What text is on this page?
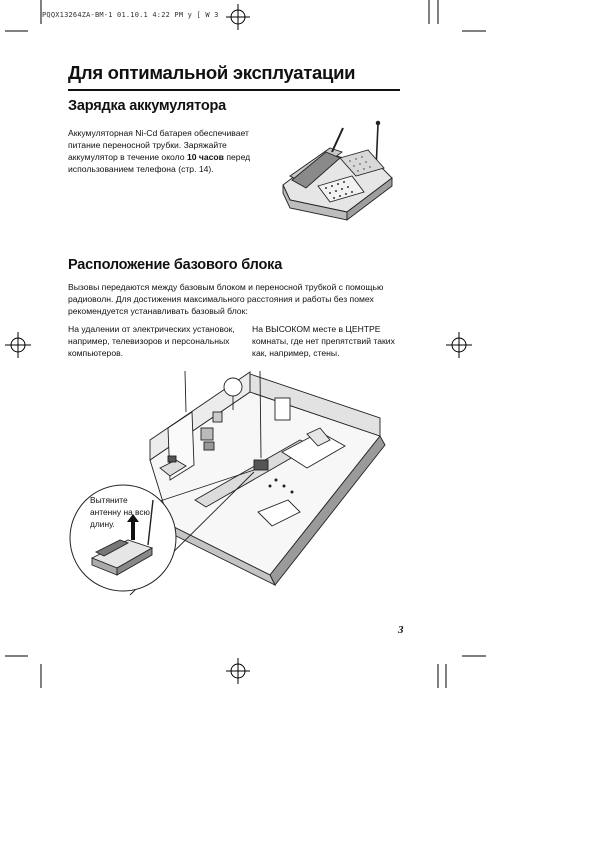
PQQX13264ZA-BM-1 01.10.1 4:22 PM у [ W 3
Для оптимальной эксплуатации
Зарядка аккумулятора
Аккумуляторная Ni-Cd батарея обеспечивает питание переносной трубки. Заряжайте аккумулятор в течение около 10 часов перед использованием телефона (стр. 14).
Расположение базового блока
Вызовы передаются между базовым блоком и переносной трубкой с помощью радиоволн. Для достижения максимального расстояния и работы без помех рекомендуется устанавливать базовый блок:
На удалении от электрических установок, например, телевизоров и персональных компьютеров.
На ВЫСОКОМ месте в ЦЕНТРЕ комнаты, где нет препятствий таких как, например, стены.
Вытяните антенну на всю длину.
3
